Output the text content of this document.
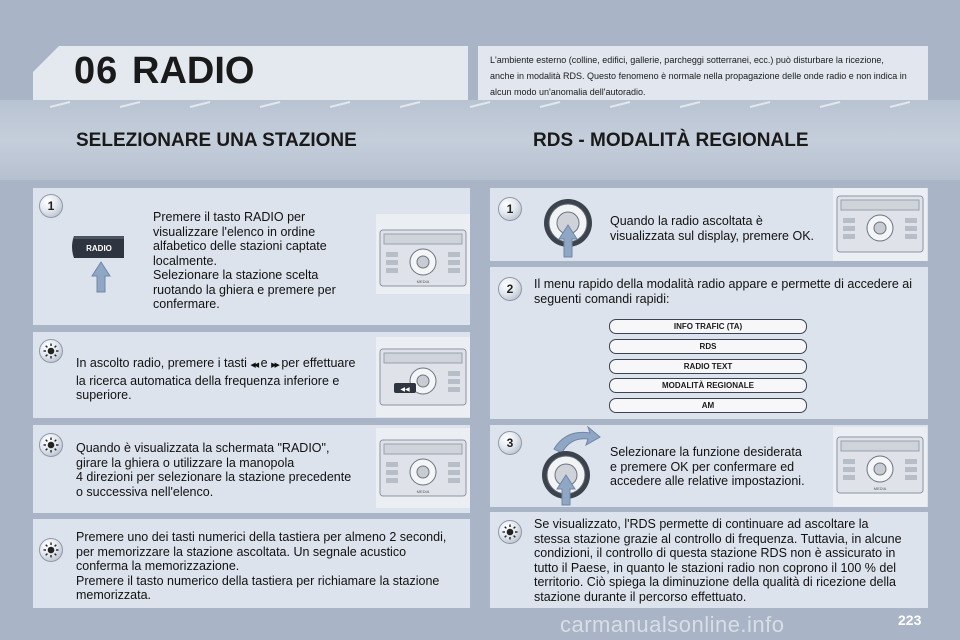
06 RADIO	L'ambiente esterno (colline, edifici, gallerie, parcheggi sotterranei, ecc.) può disturbare la ricezione, anche in modalità RDS. Questo fenomeno è normale nella propagazione delle onde radio e non indica in alcun modo un'anomalia dell'autoradio.
SELEZIONARE UNA STAZIONE	RDS - MODALITÀ REGIONALE
1
RADIO
Premere il tasto RADIO per
visualizzare l'elenco in ordine
alfabetico delle stazioni captate
localmente.
Selezionare la stazione scelta
ruotando la ghiera e premere per
confermare.
MEDIA
In ascolto radio, premere i tasti ◀◀ e ▶▶ per effettuare
la ricerca automatica della frequenza inferiore e
superiore.	◀◀
Quando è visualizzata la schermata "RADIO",
girare la ghiera o utilizzare la manopola
4 direzioni per selezionare la stazione precedente
o successiva nell'elenco.	MEDIA
Premere uno dei tasti numerici della tastiera per almeno 2 secondi,
per memorizzare la stazione ascoltata. Un segnale acustico
conferma la memorizzazione.
Premere il tasto numerico della tastiera per richiamare la stazione
memorizzata.
1
Quando la radio ascoltata è
visualizzata sul display, premere OK.
2	Il menu rapido della modalità radio appare e permette di accedere ai
seguenti comandi rapidi:
INFO TRAFIC (TA)
RDS
RADIO TEXT
MODALITÀ REGIONALE
AM
3
Selezionare la funzione desiderata
e premere OK per confermare ed
accedere alle relative impostazioni.
MEDIA
Se visualizzato, l'RDS permette di continuare ad ascoltare la
stessa stazione grazie al controllo di frequenza. Tuttavia, in alcune
condizioni, il controllo di questa stazione RDS non è assicurato in
tutto il Paese, in quanto le stazioni radio non coprono il 100 % del
territorio. Ciò spiega la diminuzione della qualità di ricezione della
stazione durante il percorso effettuato.
carmanualsonline.info	223
